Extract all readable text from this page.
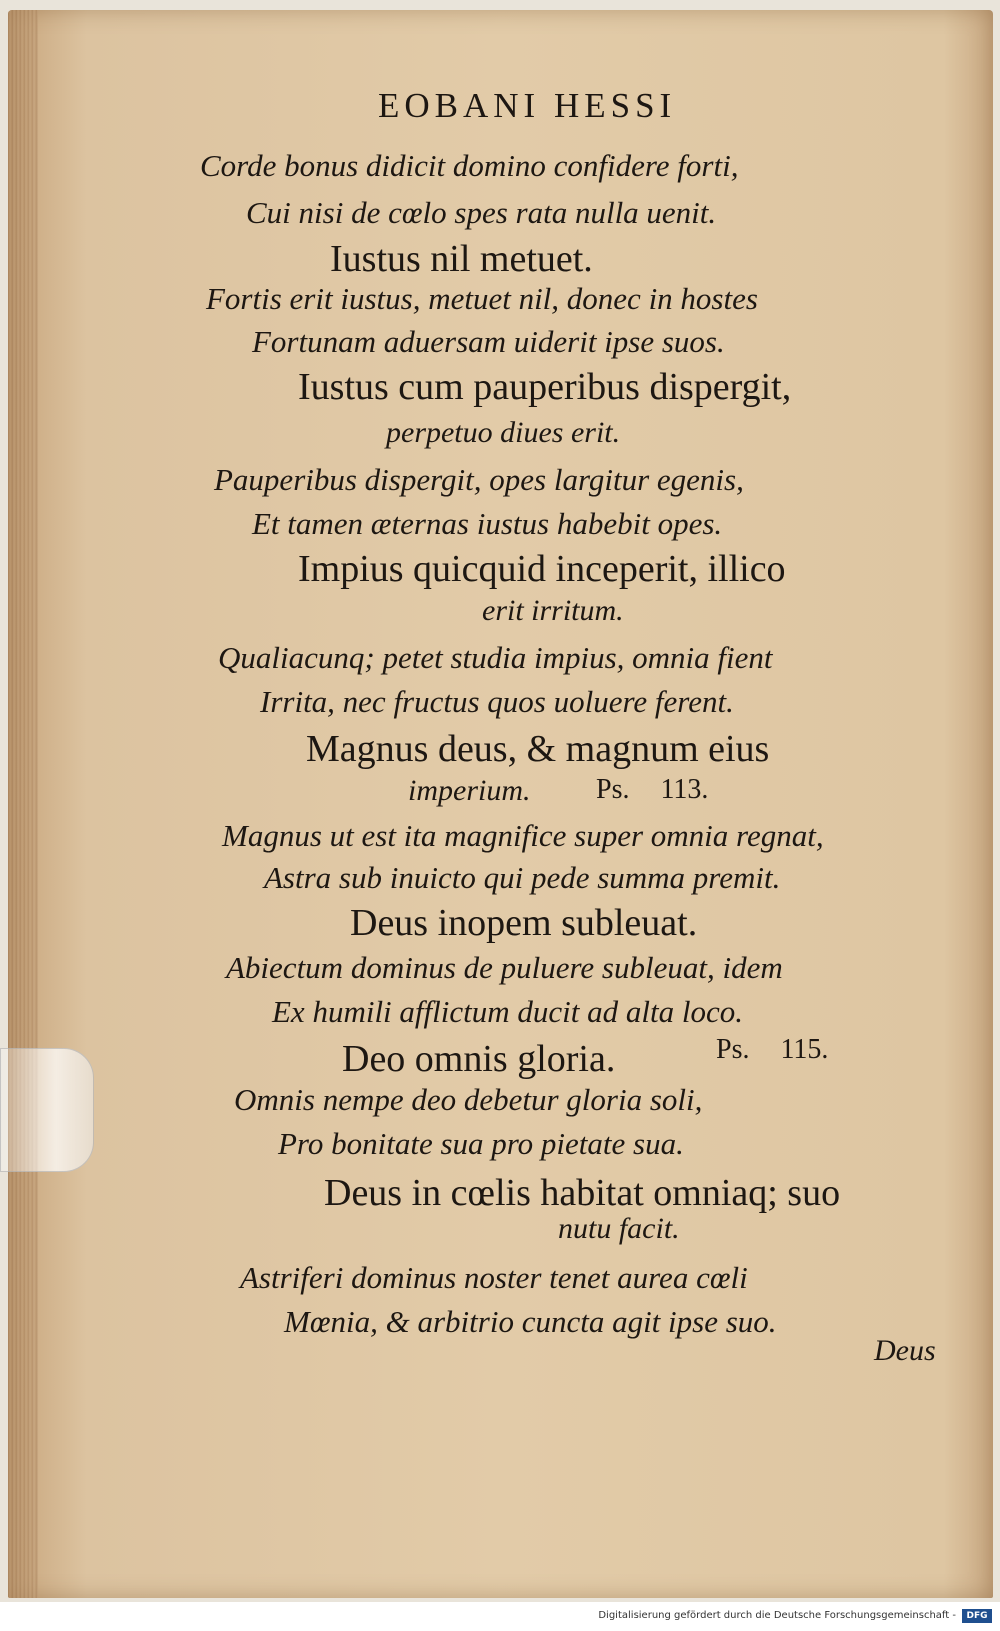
EOBANI HESSI

Corde bonus didicit domino confidere forti,

Cui nisi de cœlo spes rata nulla uenit.

Iustus nil metuet.

Fortis erit iustus, metuet nil, donec in hostes

Fortunam aduersam uiderit ipse suos.

Iustus cum pauperibus dispergit,

perpetuo diues erit.

Pauperibus dispergit, opes largitur egenis,

Et tamen æternas iustus habebit opes.

Impius quicquid inceperit, illico

erit irritum.

Qualiacunq; petet studia impius, omnia fient

Irrita, nec fructus quos uoluere ferent.

Magnus deus, & magnum eius

imperium. Ps. 113.

Magnus ut est ita magnifice super omnia regnat,

Astra sub inuicto qui pede summa premit.

Deus inopem subleuat.

Abiectum dominus de puluere subleuat, idem

Ex humili afflictum ducit ad alta loco.

Deo omnis gloria.	Ps. 115.

Omnis nempe deo debetur gloria soli,

Pro bonitate sua pro pietate sua.

Deus in cœlis habitat omniaq; suo

nutu facit.

Astriferi dominus noster tenet aurea cœli

Mœnia, & arbitrio cuncta agit ipse suo.

Deus

Digitalisierung gefördert durch die Deutsche Forschungsgemeinschaft -	DFG
